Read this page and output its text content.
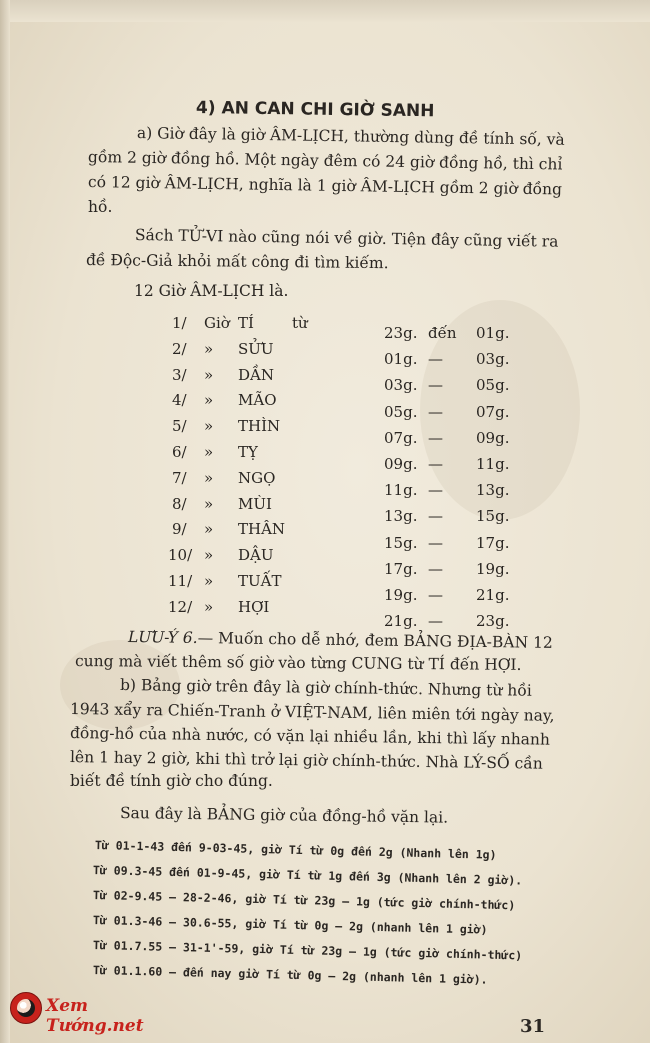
4) AN CAN CHI GIỜ SANH
a) Giờ đây là giờ ÂM-LỊCH, thường dùng đề tính số, và
gồm 2 giờ đồng hồ. Một ngày đêm có 24 giờ đồng hồ, thì chỉ
có 12 giờ ÂM-LỊCH, nghĩa là 1 giờ ÂM-LỊCH gồm 2 giờ đồng
hồ.
Sách TỬ-VI nào cũng nói về giờ. Tiện đây cũng viết ra
đề Độc-Giả khỏi mất công đi tìm kiếm.
12 Giờ ÂM-LỊCH là.
1/ Giờ TÍ	từ
23g. đến 01g.
2/ » SỬU
01g. — 03g.
3/ » DẦN
03g. — 05g.
4/ » MÃO
05g. — 07g.
5/ » THÌN
07g. — 09g.
6/ » TỴ
09g. — 11g.
7/ » NGỌ
11g. — 13g.
8/ » MÙI
13g. — 15g.
9/ » THÂN
15g. — 17g.
10/ » DẬU
17g. — 19g.
11/ » TUẤT
19g. — 21g.
12/ » HỢI
21g. — 23g.
LƯU-Ý 6.— Muốn cho dễ nhớ, đem BẢNG ĐỊA-BÀN 12
cung mà viết thêm số giờ vào từng CUNG từ TÍ đến HỢI.
b) Bảng giờ trên đây là giờ chính-thức. Nhưng từ hồi
1943 xẩy ra Chiến-Tranh ở VIỆT-NAM, liên miên tới ngày nay,
đồng-hồ của nhà nước, có vặn lại nhiều lần, khi thì lấy nhanh
lên 1 hay 2 giờ, khi thì trở lại giờ chính-thức. Nhà LÝ-SỐ cần
biết đề tính giờ cho đúng.
Sau đây là BẢNG giờ của đồng-hồ vặn lại.
Từ 01-1-43 đến 9-03-45, giờ Tí từ 0g đến 2g (Nhanh lên 1g)
Từ 09.3-45 đến 01-9-45, giờ Tí từ 1g đến 3g (Nhanh lên 2 giờ).
Từ 02-9.45 — 28-2-46, giờ Tí từ 23g — 1g (tức giờ chính-thức)
Từ 01.3-46 — 30.6-55, giờ Tí từ 0g — 2g (nhanh lên 1 giờ)
Từ 01.7.55 — 31-1'-59, giờ Tí từ 23g — 1g (tức giờ chính-thức)
Từ 01.1.60 — đến nay giờ Tí từ 0g — 2g (nhanh lên 1 giờ).
Xem Tướng.net	31
